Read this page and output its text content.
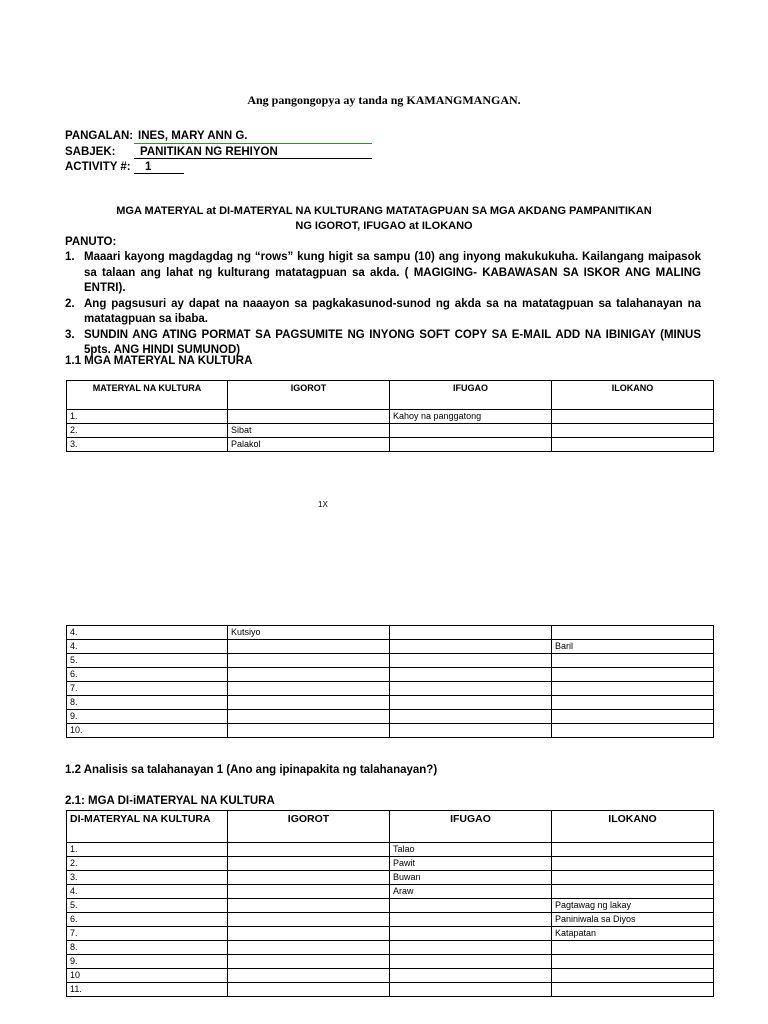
Ang pangongopya ay tanda ng KAMANGMANGAN.
PANGALAN: INES, MARY ANN G.
SABJEK: PANITIKAN NG REHIYON
ACTIVITY #: 1
MGA MATERYAL at DI-MATERYAL NA KULTURANG MATATAGPUAN SA MGA AKDANG PAMPANITIKAN
NG IGOROT, IFUGAO at ILOKANO
PANUTO:
1. Maaari kayong magdagdag ng “rows” kung higit sa sampu (10) ang inyong makukukuha. Kailangang maipasok sa talaan ang lahat ng kulturang matatagpuan sa akda. ( MAGIGING- KABAWASAN SA ISKOR ANG MALING ENTRI).
2. Ang pagsusuri ay dapat na naaayon sa pagkakasunod-sunod ng akda sa na matatagpuan sa talahanayan na matatagpuan sa ibaba.
3. SUNDIN ANG ATING PORMAT SA PAGSUMITE NG INYONG SOFT COPY SA E-MAIL ADD NA IBINIGAY (MINUS 5pts. ANG HINDI SUMUNOD)
1.1 MGA MATERYAL NA KULTURA
MATERYAL NA KULTURA	IGOROT	IFUGAO	ILOKANO
1.		Kahoy na panggatong	
2.	Sibat		
3.	Palakol		
1X
4.	Kutsiyo		
4.			Baril
5.			
6.			
7.			
8.			
9.			
10.			
1.2 Analisis sa talahanayan 1 (Ano ang ipinapakita ng talahanayan?)
2.1: MGA DI-iMATERYAL NA KULTURA
DI-MATERYAL NA KULTURA	IGOROT	IFUGAO	ILOKANO
1.		Talao	
2.		Pawit	
3.		Buwan	
4.		Araw	
5.			Pagtawag ng lakay
6.			Paniniwala sa Diyos
7.			Katapatan
8.			
9.			
10			
11.			
